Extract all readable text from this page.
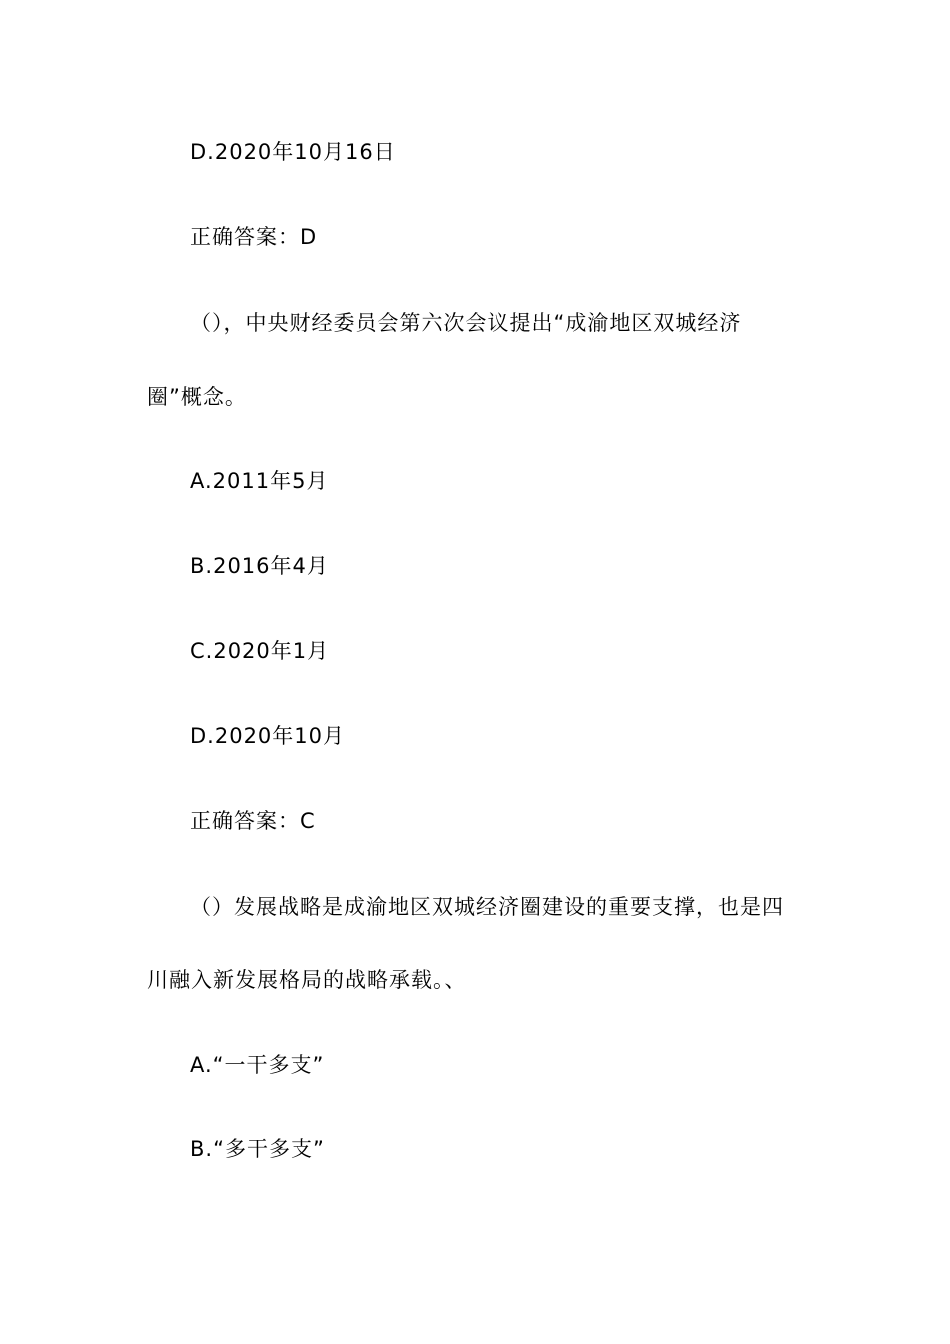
D.2020年10月16日
正确答案：D
（），中央财经委员会第六次会议提出“成渝地区双城经济
圈”概念。
A.2011年5月
B.2016年4月
C.2020年1月
D.2020年10月
正确答案：C
（）发展战略是成渝地区双城经济圈建设的重要支撑，也是四
川融入新发展格局的战略承载。、
A.“一干多支”
B.“多干多支”
